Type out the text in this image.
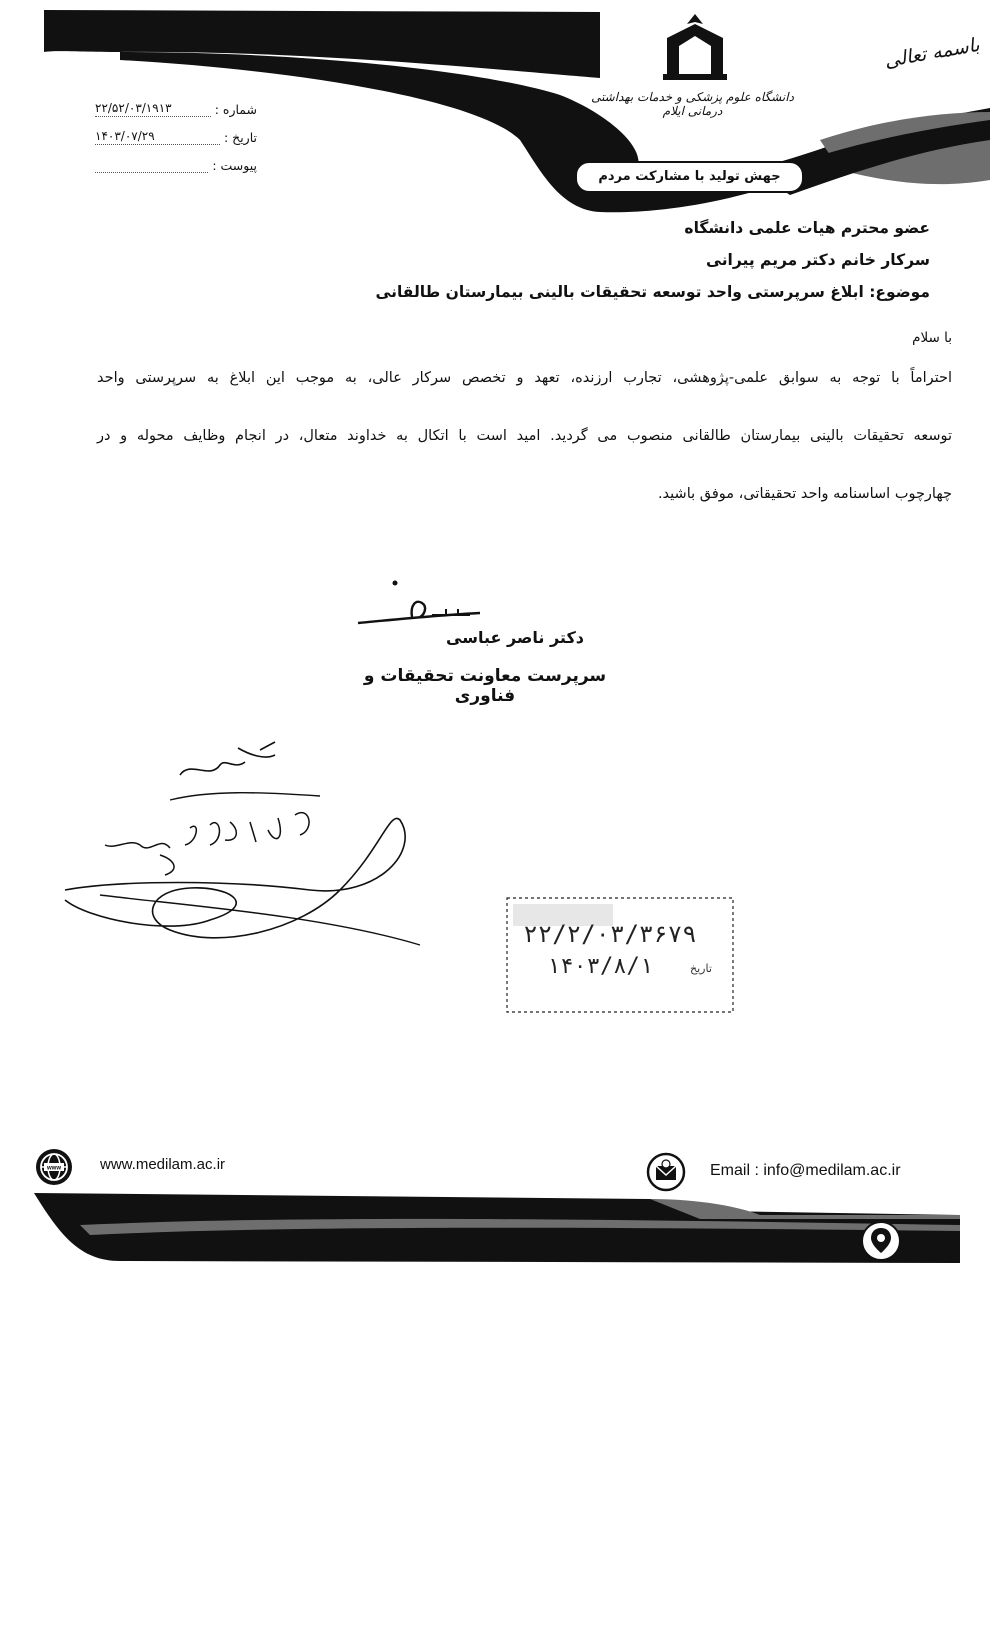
باسمه تعالی
دانشگاه علوم پزشکی و خدمات بهداشتی درمانی ایلام
جهش تولید با مشارکت مردم
شماره :
۲۲/۵۲/۰۳/۱۹۱۳
تاریخ :
۱۴۰۳/۰۷/۲۹
پیوست :
عضو محترم هیات علمی دانشگاه
سرکار خانم دکتر مریم پیرانی
موضوع: ابلاغ سرپرستی واحد توسعه تحقیقات بالینی بیمارستان طالقانی
با سلام
احتراماً با توجه به سوابق علمی-پژوهشی، تجارب ارزنده، تعهد و تخصص سرکار عالی، به موجب این ابلاغ به سرپرستی واحد
توسعه تحقیقات بالینی بیمارستان طالقانی منصوب می گردید. امید است با اتکال به خداوند متعال، در انجام وظایف محوله و در
چهارچوب اساسنامه واحد تحقیقاتی، موفق باشید.
دکتر ناصر عباسی
سرپرست معاونت تحقیقات و فناوری
۲۲/۲/۰۳/۳۶۷۹
۱۴۰۳/۸/۱	تاریخ
www	www.medilam.ac.ir	Email : info@medilam.ac.ir
